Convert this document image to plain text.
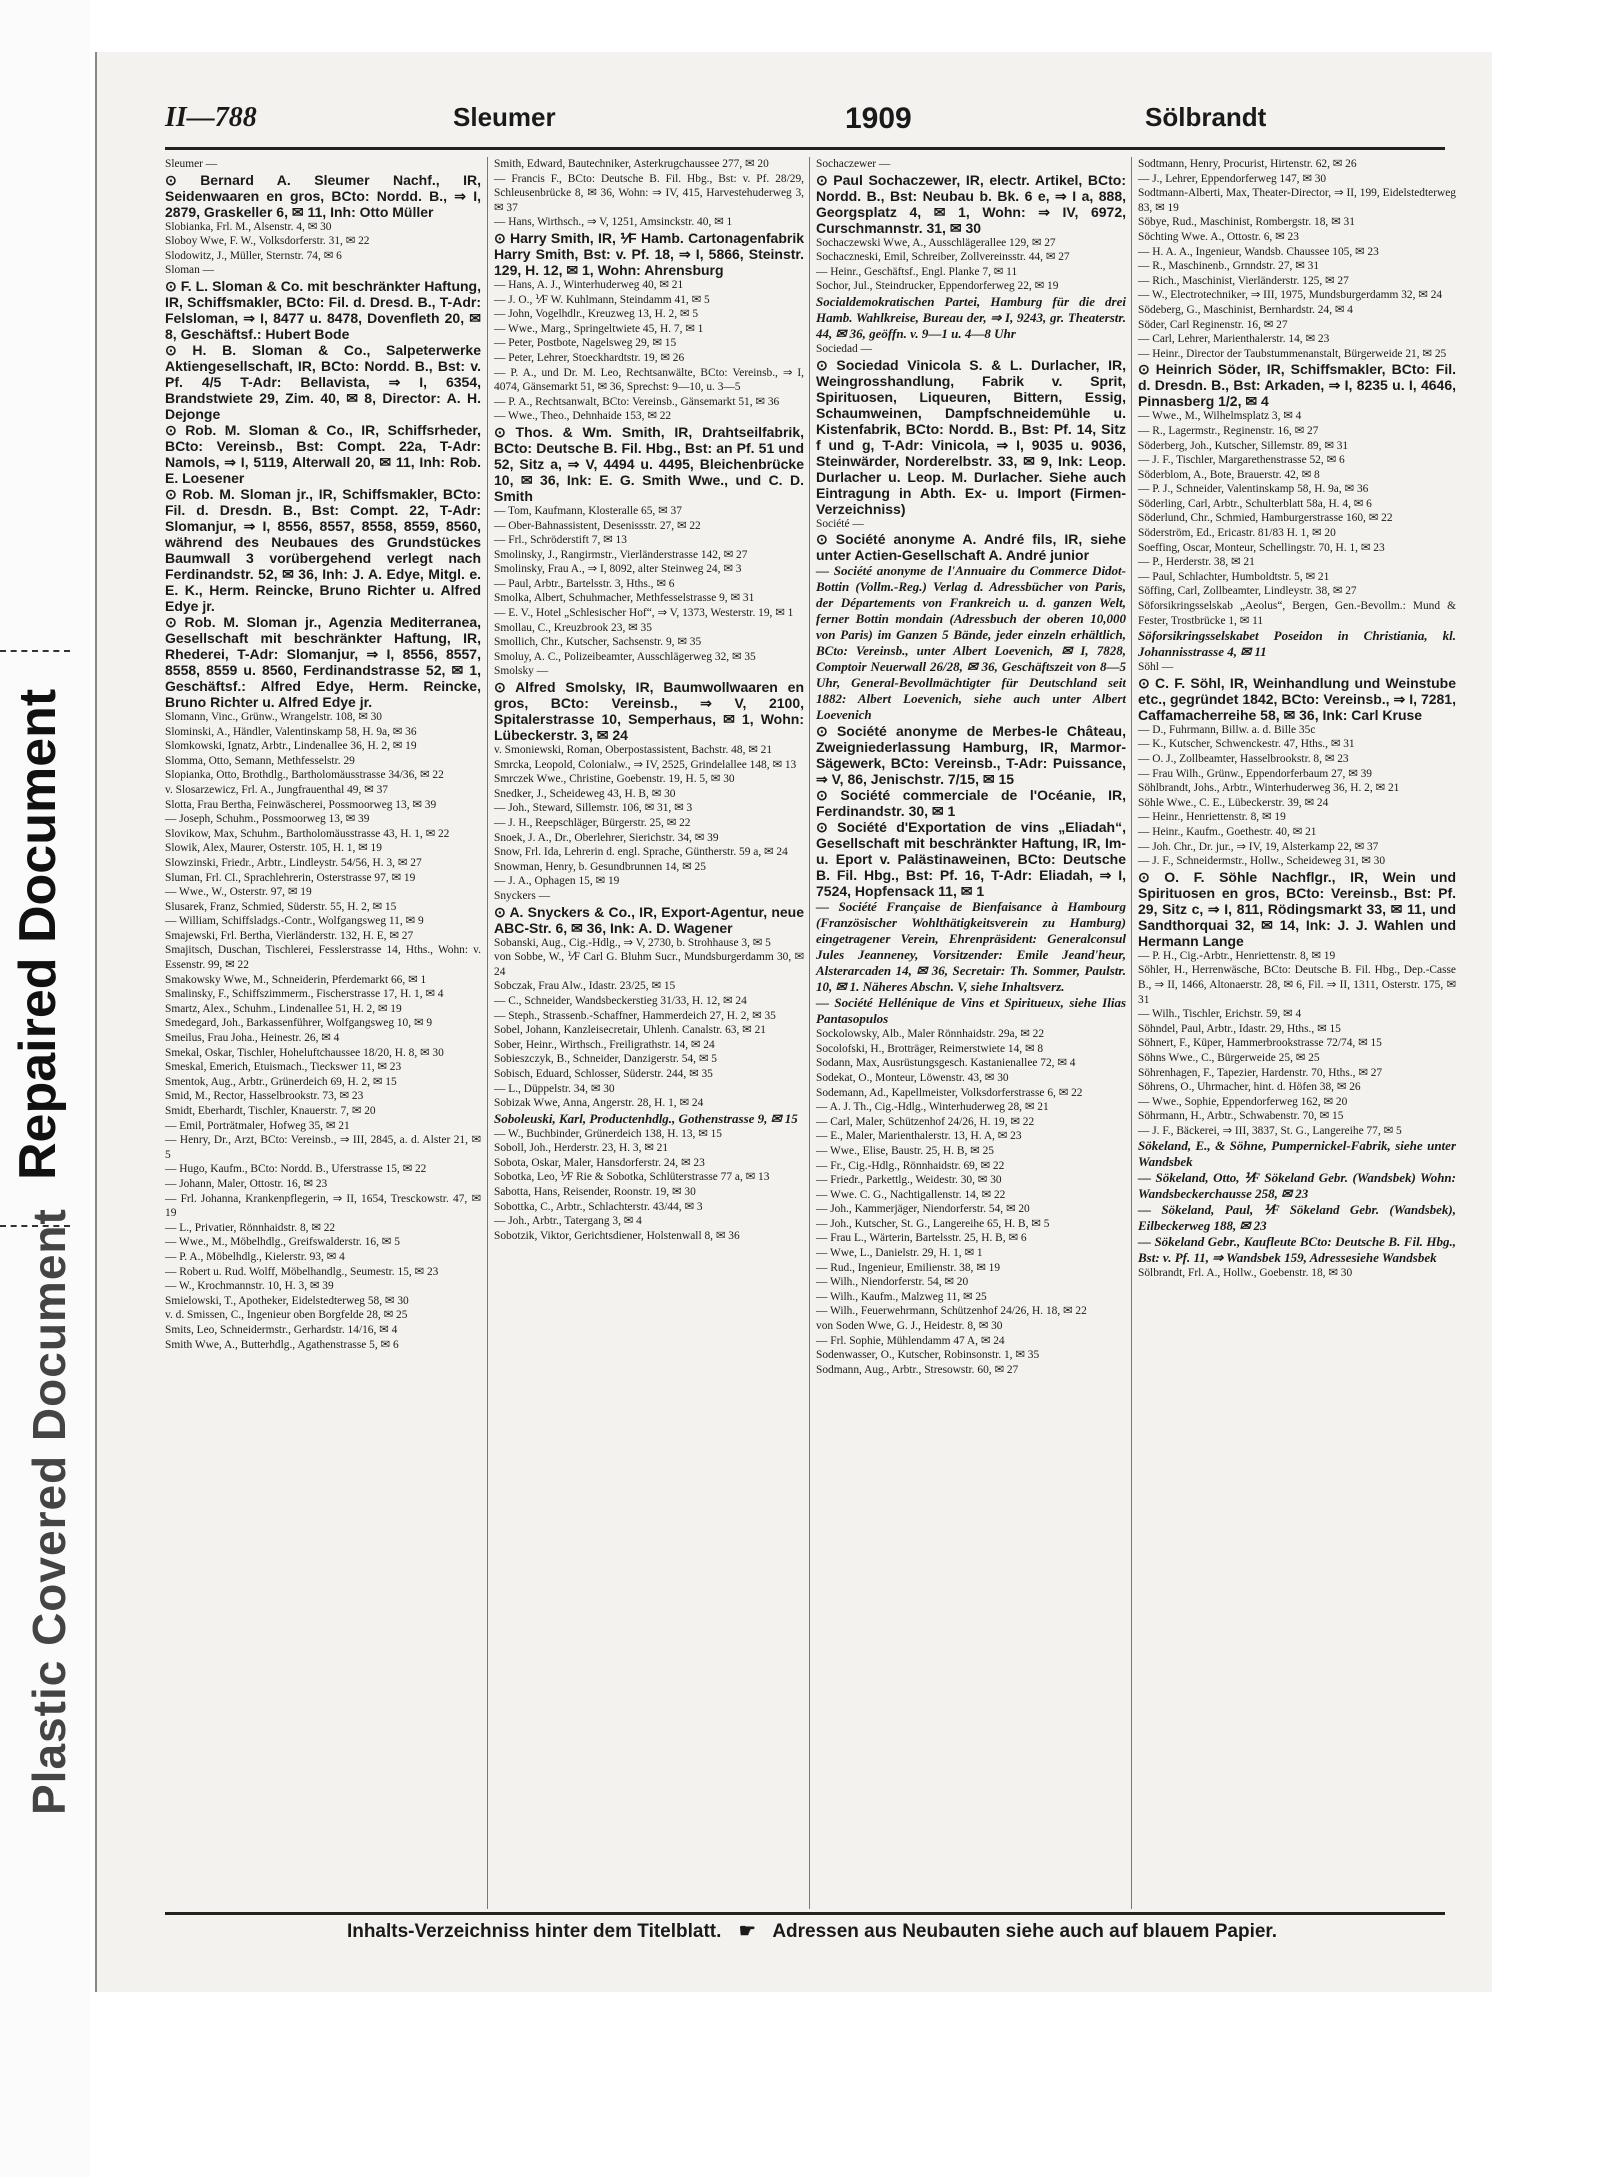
Plastic Covered Document
Repaired Document
II—788	Sleumer	1909	Sölbrandt

Sleumer —

⊙ Bernard A. Sleumer Nachf., IR, Seidenwaaren en gros, BCto: Nordd. B., ⇒ I, 2879, Graskeller 6, ✉ 11, Inh: Otto Müller

Slobianka, Frl. M., Alsenstr. 4, ✉ 30

Sloboy Wwe, F. W., Volksdorferstr. 31, ✉ 22

Slodowitz, J., Müller, Sternstr. 74, ✉ 6

Sloman —

⊙ F. L. Sloman & Co. mit beschränkter Haftung, IR, Schiffsmakler, BCto: Fil. d. Dresd. B., T-Adr: Felsloman, ⇒ I, 8477 u. 8478, Dovenfleth 20, ✉ 8, Geschäftsf.: Hubert Bode

⊙ H. B. Sloman & Co., Salpeterwerke Aktiengesellschaft, IR, BCto: Nordd. B., Bst: v. Pf. 4/5 T-Adr: Bellavista, ⇒ I, 6354, Brandstwiete 29, Zim. 40, ✉ 8, Director: A. H. Dejonge

⊙ Rob. M. Sloman & Co., IR, Schiffsrheder, BCto: Vereinsb., Bst: Compt. 22a, T-Adr: Namols, ⇒ I, 5119, Alterwall 20, ✉ 11, Inh: Rob. E. Loesener

⊙ Rob. M. Sloman jr., IR, Schiffsmakler, BCto: Fil. d. Dresdn. B., Bst: Compt. 22, T-Adr: Slomanjur, ⇒ I, 8556, 8557, 8558, 8559, 8560, während des Neubaues des Grundstückes Baumwall 3 vorübergehend verlegt nach Ferdinandstr. 52, ✉ 36, Inh: J. A. Edye, Mitgl. e. E. K., Herm. Reincke, Bruno Richter u. Alfred Edye jr.

⊙ Rob. M. Sloman jr., Agenzia Mediterranea, Gesellschaft mit beschränkter Haftung, IR, Rhederei, T-Adr: Slomanjur, ⇒ I, 8556, 8557, 8558, 8559 u. 8560, Ferdinandstrasse 52, ✉ 1, Geschäftsf.: Alfred Edye, Herm. Reincke, Bruno Richter u. Alfred Edye jr.

Slomann, Vinc., Grünw., Wrangelstr. 108, ✉ 30

Slominski, A., Händler, Valentinskamp 58, H. 9a, ✉ 36

Slomkowski, Ignatz, Arbtr., Lindenallee 36, H. 2, ✉ 19

Slomma, Otto, Semann, Methfesselstr. 29

Slopianka, Otto, Brothdlg., Bartholomäusstrasse 34/36, ✉ 22

v. Slosarzewicz, Frl. A., Jungfrauenthal 49, ✉ 37

Slotta, Frau Bertha, Feinwäscherei, Possmoorweg 13, ✉ 39

— Joseph, Schuhm., Possmoorweg 13, ✉ 39

Slovikow, Max, Schuhm., Bartholomäusstrasse 43, H. 1, ✉ 22

Slowik, Alex, Maurer, Osterstr. 105, H. 1, ✉ 19

Slowzinski, Friedr., Arbtr., Lindleystr. 54/56, H. 3, ✉ 27

Sluman, Frl. Cl., Sprachlehrerin, Osterstrasse 97, ✉ 19

— Wwe., W., Osterstr. 97, ✉ 19

Slusarek, Franz, Schmied, Süderstr. 55, H. 2, ✉ 15

— William, Schiffsladgs.-Contr., Wolfgangsweg 11, ✉ 9

Smajewski, Frl. Bertha, Vierländerstr. 132, H. E, ✉ 27

Smajitsch, Duschan, Tischlerei, Fesslerstrasse 14, Hths., Wohn: v. Essenstr. 99, ✉ 22

Smakowsky Wwe, M., Schneiderin, Pferdemarkt 66, ✉ 1

Smalinsky, F., Schiffszimmerm., Fischerstrasse 17, H. 1, ✉ 4

Smartz, Alex., Schuhm., Lindenallee 51, H. 2, ✉ 19

Smedegard, Joh., Barkassenführer, Wolfgangsweg 10, ✉ 9

Smeilus, Frau Joha., Heinestr. 26, ✉ 4

Smekal, Oskar, Tischler, Hoheluftchaussee 18/20, H. 8, ✉ 30

Smeskal, Emerich, Etuismach., Tieckswег 11, ✉ 23

Smentok, Aug., Arbtr., Grünerdeich 69, H. 2, ✉ 15

Smid, M., Rector, Hasselbrookstr. 73, ✉ 23

Smidt, Eberhardt, Tischler, Knauerstr. 7, ✉ 20

— Emil, Porträtmaler, Hofweg 35, ✉ 21

— Henry, Dr., Arzt, BCto: Vereinsb., ⇒ III, 2845, a. d. Alster 21, ✉ 5

— Hugo, Kaufm., BCto: Nordd. B., Uferstrasse 15, ✉ 22

— Johann, Maler, Ottostr. 16, ✉ 23

— Frl. Johanna, Krankenpflegerin, ⇒ II, 1654, Tresckowstr. 47, ✉ 19

— L., Privatier, Rönnhaidstr. 8, ✉ 22

— Wwe., M., Möbelhdlg., Greifswalderstr. 16, ✉ 5

— P. A., Möbelhdlg., Kielerstr. 93, ✉ 4

— Robert u. Rud. Wolff, Möbelhandlg., Seumestr. 15, ✉ 23

— W., Krochmannstr. 10, H. 3, ✉ 39

Smielowski, T., Apotheker, Eidelstedterweg 58, ✉ 30

v. d. Smissen, C., Ingenieur oben Borgfelde 28, ✉ 25

Smits, Leo, Schneidermstr., Gerhardstr. 14/16, ✉ 4

Smith Wwe, A., Butterhdlg., Agathenstrasse 5, ✉ 6

Smith, Edward, Bautechniker, Asterkrugchaussee 277, ✉ 20

— Francis F., BCto: Deutsche B. Fil. Hbg., Bst: v. Pf. 28/29, Schleusenbrücke 8, ✉ 36, Wohn: ⇒ IV, 415, Harvestehuderweg 3, ✉ 37

— Hans, Wirthsch., ⇒ V, 1251, Amsinckstr. 40, ✉ 1

⊙ Harry Smith, IR, ⅟F Hamb. Cartonagenfabrik Harry Smith, Bst: v. Pf. 18, ⇒ I, 5866, Steinstr. 129, H. 12, ✉ 1, Wohn: Ahrensburg

— Hans, A. J., Winterhuderweg 40, ✉ 21

— J. O., ⅟F W. Kuhlmann, Steindamm 41, ✉ 5

— John, Vogelhdlr., Kreuzweg 13, H. 2, ✉ 5

— Wwe., Marg., Springeltwiete 45, H. 7, ✉ 1

— Peter, Postbote, Nagelsweg 29, ✉ 15

— Peter, Lehrer, Stoeckhardtstr. 19, ✉ 26

— P. A., und Dr. M. Leo, Rechtsanwälte, BCto: Vereinsb., ⇒ I, 4074, Gänsemarkt 51, ✉ 36, Sprechst: 9—10, u. 3—5

— P. A., Rechtsanwalt, BCto: Vereinsb., Gänsemarkt 51, ✉ 36

— Wwe., Theo., Dehnhaide 153, ✉ 22

⊙ Thos. & Wm. Smith, IR, Drahtseilfabrik, BCto: Deutsche B. Fil. Hbg., Bst: an Pf. 51 und 52, Sitz a, ⇒ V, 4494 u. 4495, Bleichenbrücke 10, ✉ 36, Ink: E. G. Smith Wwe., und C. D. Smith

— Tom, Kaufmann, Klosteralle 65, ✉ 37

— Ober-Bahnassistent, Desenissstr. 27, ✉ 22

— Frl., Schröderstift 7, ✉ 13

Smolinsky, J., Rangirmstr., Vierländerstrasse 142, ✉ 27

Smolinsky, Frau A., ⇒ I, 8092, alter Steinweg 24, ✉ 3

— Paul, Arbtr., Bartelsstr. 3, Hths., ✉ 6

Smolka, Albert, Schuhmacher, Methfesselstrasse 9, ✉ 31

— E. V., Hotel „Schlesischer Hof“, ⇒ V, 1373, Westerstr. 19, ✉ 1

Smollau, C., Kreuzbrook 23, ✉ 35

Smollich, Chr., Kutscher, Sachsenstr. 9, ✉ 35

Smoluy, A. C., Polizeibeamter, Ausschlägerweg 32, ✉ 35

Smolsky —

⊙ Alfred Smolsky, IR, Baumwollwaaren en gros, BCto: Vereinsb., ⇒ V, 2100, Spitalerstrasse 10, Semperhaus, ✉ 1, Wohn: Lübeckerstr. 3, ✉ 24

v. Smoniewski, Roman, Oberpostassistent, Bachstr. 48, ✉ 21

Smrcka, Leopold, Colonialw., ⇒ IV, 2525, Grindelallee 148, ✉ 13

Smrczek Wwe., Christine, Goebenstr. 19, H. 5, ✉ 30

Snedker, J., Scheideweg 43, H. B, ✉ 30

— Joh., Steward, Sillemstr. 106, ✉ 31, ✉ 3

— J. H., Reepschläger, Bürgerstr. 25, ✉ 22

Snoek, J. A., Dr., Oberlehrer, Sierichstr. 34, ✉ 39

Snow, Frl. Ida, Lehrerin d. engl. Sprache, Güntherstr. 59 a, ✉ 24

Snowman, Henry, b. Gesundbrunnen 14, ✉ 25

— J. A., Ophagen 15, ✉ 19

Snyckers —

⊙ A. Snyckers & Co., IR, Export-Agentur, neue ABC-Str. 6, ✉ 36, Ink: A. D. Wagener

Sobanski, Aug., Cig.-Hdlg., ⇒ V, 2730, b. Strohhause 3, ✉ 5

von Sobbe, W., ⅟F Carl G. Bluhm Sucr., Mundsburgerdamm 30, ✉ 24

Sobczak, Frau Alw., Idastr. 23/25, ✉ 15

— C., Schneider, Wandsbeckerstieg 31/33, H. 12, ✉ 24

— Steph., Strassenb.-Schaffner, Hammerdeich 27, H. 2, ✉ 35

Sobel, Johann, Kanzleisecretair, Uhlenh. Canalstr. 63, ✉ 21

Sober, Heinr., Wirthsch., Freiligrathstr. 14, ✉ 24

Sobieszczyk, B., Schneider, Danzigerstr. 54, ✉ 5

Sobisch, Eduard, Schlosser, Süderstr. 244, ✉ 35

— L., Düppelstr. 34, ✉ 30

Sobizak Wwe, Anna, Angerstr. 28, H. 1, ✉ 24

Soboleuski, Karl, Productenhdlg., Gothenstrasse 9, ✉ 15

— W., Buchbinder, Grünerdeich 138, H. 13, ✉ 15

Soboll, Joh., Herderstr. 23, H. 3, ✉ 21

Sobota, Oskar, Maler, Hansdorferstr. 24, ✉ 23

Sobotka, Leo, ⅟F Rie & Sobotka, Schlüterstrasse 77 a, ✉ 13

Sabotta, Hans, Reisender, Roonstr. 19, ✉ 30

Sobottka, C., Arbtr., Schlachterstr. 43/44, ✉ 3

— Joh., Arbtr., Tatergang 3, ✉ 4

Sobotzik, Viktor, Gerichtsdiener, Holstenwall 8, ✉ 36

Sochaczewer —

⊙ Paul Sochaczewer, IR, electr. Artikel, BCto: Nordd. B., Bst: Neubau b. Bk. 6 e, ⇒ I a, 888, Georgsplatz 4, ✉ 1, Wohn: ⇒ IV, 6972, Curschmannstr. 31, ✉ 30

Sochaczewski Wwe, A., Ausschlägerallee 129, ✉ 27

Sochaczneski, Emil, Schreiber, Zollvereinsstr. 44, ✉ 27

— Heinr., Geschäftsf., Engl. Planke 7, ✉ 11

Sochor, Jul., Steindrucker, Eppendorferweg 22, ✉ 19

Socialdemokratischen Partei, Hamburg für die drei Hamb. Wahlkreise, Bureau der, ⇒ I, 9243, gr. Theaterstr. 44, ✉ 36, geöffn. v. 9—1 u. 4—8 Uhr

Sociedad —

⊙ Sociedad Vinicola S. & L. Durlacher, IR, Weingrosshandlung, Fabrik v. Sprit, Spirituosen, Liqueuren, Bittern, Essig, Schaumweinen, Dampfschneidemühle u. Kistenfabrik, BCto: Nordd. B., Bst: Pf. 14, Sitz f und g, T-Adr: Vinicola, ⇒ I, 9035 u. 9036, Steinwärder, Norderelbstr. 33, ✉ 9, Ink: Leop. Durlacher u. Leop. M. Durlacher. Siehe auch Eintragung in Abth. Ex- u. Import (Firmen-Verzeichniss)

Société —

⊙ Société anonyme A. André fils, IR, siehe unter Actien-Gesellschaft A. André junior

— Société anonyme de l'Annuaire du Commerce Didot-Bottin (Vollm.-Reg.) Verlag d. Adressbücher von Paris, der Départements von Frankreich u. d. ganzen Welt, ferner Bottin mondain (Adressbuch der oberen 10,000 von Paris) im Ganzen 5 Bände, jeder einzeln erhältlich, BCto: Vereinsb., unter Albert Loevenich, ✉ I, 7828, Comptoir Neuerwall 26/28, ✉ 36, Geschäftszeit von 8—5 Uhr, General-Bevollmächtigter für Deutschland seit 1882: Albert Loevenich, siehe auch unter Albert Loevenich

⊙ Société anonyme de Merbes-le Château, Zweigniederlassung Hamburg, IR, Marmor-Sägewerk, BCto: Vereinsb., T-Adr: Puissance, ⇒ V, 86, Jenischstr. 7/15, ✉ 15

⊙ Société commerciale de l'Océanie, IR, Ferdinandstr. 30, ✉ 1

⊙ Société d'Exportation de vins „Eliadah“, Gesellschaft mit beschränkter Haftung, IR, Im- u. Eport v. Palästinaweinen, BCto: Deutsche B. Fil. Hbg., Bst: Pf. 16, T-Adr: Eliadah, ⇒ I, 7524, Hopfensack 11, ✉ 1

— Société Française de Bienfaisance à Hambourg (Französischer Wohlthätigkeitsverein zu Hamburg) eingetragener Verein, Ehrenpräsident: Generalconsul Jules Jeanneney, Vorsitzender: Emile Jeand'heur, Alsterarcaden 14, ✉ 36, Secretair: Th. Sommer, Paulstr. 10, ✉ 1. Näheres Abschn. V, siehe Inhaltsverz.

— Société Hellénique de Vins et Spiritueux, siehe Ilias Pantasopulos

Sockolowsky, Alb., Maler Rönnhaidstr. 29a, ✉ 22

Socolofski, H., Brotträger, Reimerstwiete 14, ✉ 8

Sodann, Max, Ausrüstungsgesch. Kastanienallee 72, ✉ 4

Sodekat, O., Monteur, Löwenstr. 43, ✉ 30

Sodemann, Ad., Kapellmeister, Volksdorferstrasse 6, ✉ 22

— A. J. Th., Cig.-Hdlg., Winterhuderweg 28, ✉ 21

— Carl, Maler, Schützenhof 24/26, H. 19, ✉ 22

— E., Maler, Marienthalerstr. 13, H. A, ✉ 23

— Wwe., Elise, Baustr. 25, H. B, ✉ 25

— Fr., Cig.-Hdlg., Rönnhaidstr. 69, ✉ 22

— Friedr., Parkettlg., Weidestr. 30, ✉ 30

— Wwe. C. G., Nachtigallenstr. 14, ✉ 22

— Joh., Kammerjäger, Niendorferstr. 54, ✉ 20

— Joh., Kutscher, St. G., Langereihe 65, H. B, ✉ 5

— Frau L., Wärterin, Bartelsstr. 25, H. B, ✉ 6

— Wwe, L., Danielstr. 29, H. 1, ✉ 1

— Rud., Ingenieur, Emilienstr. 38, ✉ 19

— Wilh., Niendorferstr. 54, ✉ 20

— Wilh., Kaufm., Malzweg 11, ✉ 25

— Wilh., Feuerwehrmann, Schützenhof 24/26, H. 18, ✉ 22

von Soden Wwe, G. J., Heidestr. 8, ✉ 30

— Frl. Sophie, Mühlendamm 47 A, ✉ 24

Sodenwasser, O., Kutscher, Robinsonstr. 1, ✉ 35

Sodmann, Aug., Arbtr., Stresowstr. 60, ✉ 27

Sodtmann, Henry, Procurist, Hirtenstr. 62, ✉ 26

— J., Lehrer, Eppendorferweg 147, ✉ 30

Sodtmann-Alberti, Max, Theater-Director, ⇒ II, 199, Eidelstedterweg 83, ✉ 19

Söbye, Rud., Maschinist, Rombergstr. 18, ✉ 31

Söchting Wwe. A., Ottostr. 6, ✉ 23

— H. A. A., Ingenieur, Wandsb. Chaussee 105, ✉ 23

— R., Maschinenb., Grnndstr. 27, ✉ 31

— Rich., Maschinist, Vierländerstr. 125, ✉ 27

— W., Electrotechniker, ⇒ III, 1975, Mundsburgerdamm 32, ✉ 24

Södeberg, G., Maschinist, Bernhardstr. 24, ✉ 4

Söder, Carl Reginenstr. 16, ✉ 27

— Carl, Lehrer, Marienthalerstr. 14, ✉ 23

— Heinr., Director der Taubstummenanstalt, Bürgerweide 21, ✉ 25

⊙ Heinrich Söder, IR, Schiffsmakler, BCto: Fil. d. Dresdn. B., Bst: Arkaden, ⇒ I, 8235 u. I, 4646, Pinnasberg 1/2, ✉ 4

— Wwe., M., Wilhelmsplatz 3, ✉ 4

— R., Lagermstr., Reginenstr. 16, ✉ 27

Söderberg, Joh., Kutscher, Sillemstr. 89, ✉ 31

— J. F., Tischler, Margarethenstrasse 52, ✉ 6

Söderblom, A., Bote, Brauerstr. 42, ✉ 8

— P. J., Schneider, Valentinskamp 58, H. 9a, ✉ 36

Söderling, Carl, Arbtr., Schulterblatt 58a, H. 4, ✉ 6

Söderlund, Chr., Schmied, Hamburgerstrasse 160, ✉ 22

Söderström, Ed., Ericastr. 81/83 H. 1, ✉ 20

Soeffing, Oscar, Monteur, Schellingstr. 70, H. 1, ✉ 23

— P., Herderstr. 38, ✉ 21

— Paul, Schlachter, Humboldtstr. 5, ✉ 21

Söffing, Carl, Zollbeamter, Lindleystr. 38, ✉ 27

Söforsikringsselskab „Aeolus“, Bergen, Gen.-Bevollm.: Mund & Fester, Trostbrücke 1, ✉ 11

Söforsikringsselskabet Poseidon in Christiania, kl. Johannisstrasse 4, ✉ 11

Söhl —

⊙ C. F. Söhl, IR, Weinhandlung und Weinstube etc., gegründet 1842, BCto: Vereinsb., ⇒ I, 7281, Caffamacherreihe 58, ✉ 36, Ink: Carl Kruse

— D., Fuhrmann, Billw. a. d. Bille 35c

— K., Kutscher, Schwenckestr. 47, Hths., ✉ 31

— O. J., Zollbeamter, Hasselbrookstr. 8, ✉ 23

— Frau Wilh., Grünw., Eppendorferbaum 27, ✉ 39

Söhlbrandt, Johs., Arbtr., Winterhuderweg 36, H. 2, ✉ 21

Söhle Wwe., C. E., Lübeckerstr. 39, ✉ 24

— Heinr., Henriettenstr. 8, ✉ 19

— Heinr., Kaufm., Goethestr. 40, ✉ 21

— Joh. Chr., Dr. jur., ⇒ IV, 19, Alsterkamp 22, ✉ 37

— J. F., Schneidermstr., Hollw., Scheideweg 31, ✉ 30

⊙ O. F. Söhle Nachflgr., IR, Wein und Spirituosen en gros, BCto: Vereinsb., Bst: Pf. 29, Sitz c, ⇒ I, 811, Rödingsmarkt 33, ✉ 11, und Sandthorquai 32, ✉ 14, Ink: J. J. Wahlen und Hermann Lange

— P. H., Cig.-Arbtr., Henriettenstr. 8, ✉ 19

Söhler, H., Herrenwäsche, BCto: Deutsche B. Fil. Hbg., Dep.-Casse B., ⇒ II, 1466, Altonaerstr. 28, ✉ 6, Fil. ⇒ II, 1311, Osterstr. 175, ✉ 31

— Wilh., Tischler, Erichstr. 59, ✉ 4

Söhndel, Paul, Arbtr., Idastr. 29, Hths., ✉ 15

Söhnert, F., Küper, Hammerbrookstrasse 72/74, ✉ 15

Söhns Wwe., C., Bürgerweide 25, ✉ 25

Söhrenhagen, F., Tapezier, Hardenstr. 70, Hths., ✉ 27

Söhrens, O., Uhrmacher, hint. d. Höfen 38, ✉ 26

— Wwe., Sophie, Eppendorferweg 162, ✉ 20

Söhrmann, H., Arbtr., Schwabenstr. 70, ✉ 15

— J. F., Bäckerei, ⇒ III, 3837, St. G., Langereihe 77, ✉ 5

Sökeland, E., & Söhne, Pumpernickel-Fabrik, siehe unter Wandsbek

— Sökeland, Otto, ⅟F Sökeland Gebr. (Wandsbek) Wohn: Wandsbeckerchausse 258, ✉ 23

— Sökeland, Paul, ⅟F Sökeland Gebr. (Wandsbek), Eilbeckerweg 188, ✉ 23

— Sökeland Gebr., Kaufleute BCto: Deutsche B. Fil. Hbg., Bst: v. Pf. 11, ⇒ Wandsbek 159, Adressesiehe Wandsbek

Sölbrandt, Frl. A., Hollw., Goebenstr. 18, ✉ 30

Inhalts-Verzeichniss hinter dem Titelblatt. ☛ Adressen aus Neubauten siehe auch auf blauem Papier.
